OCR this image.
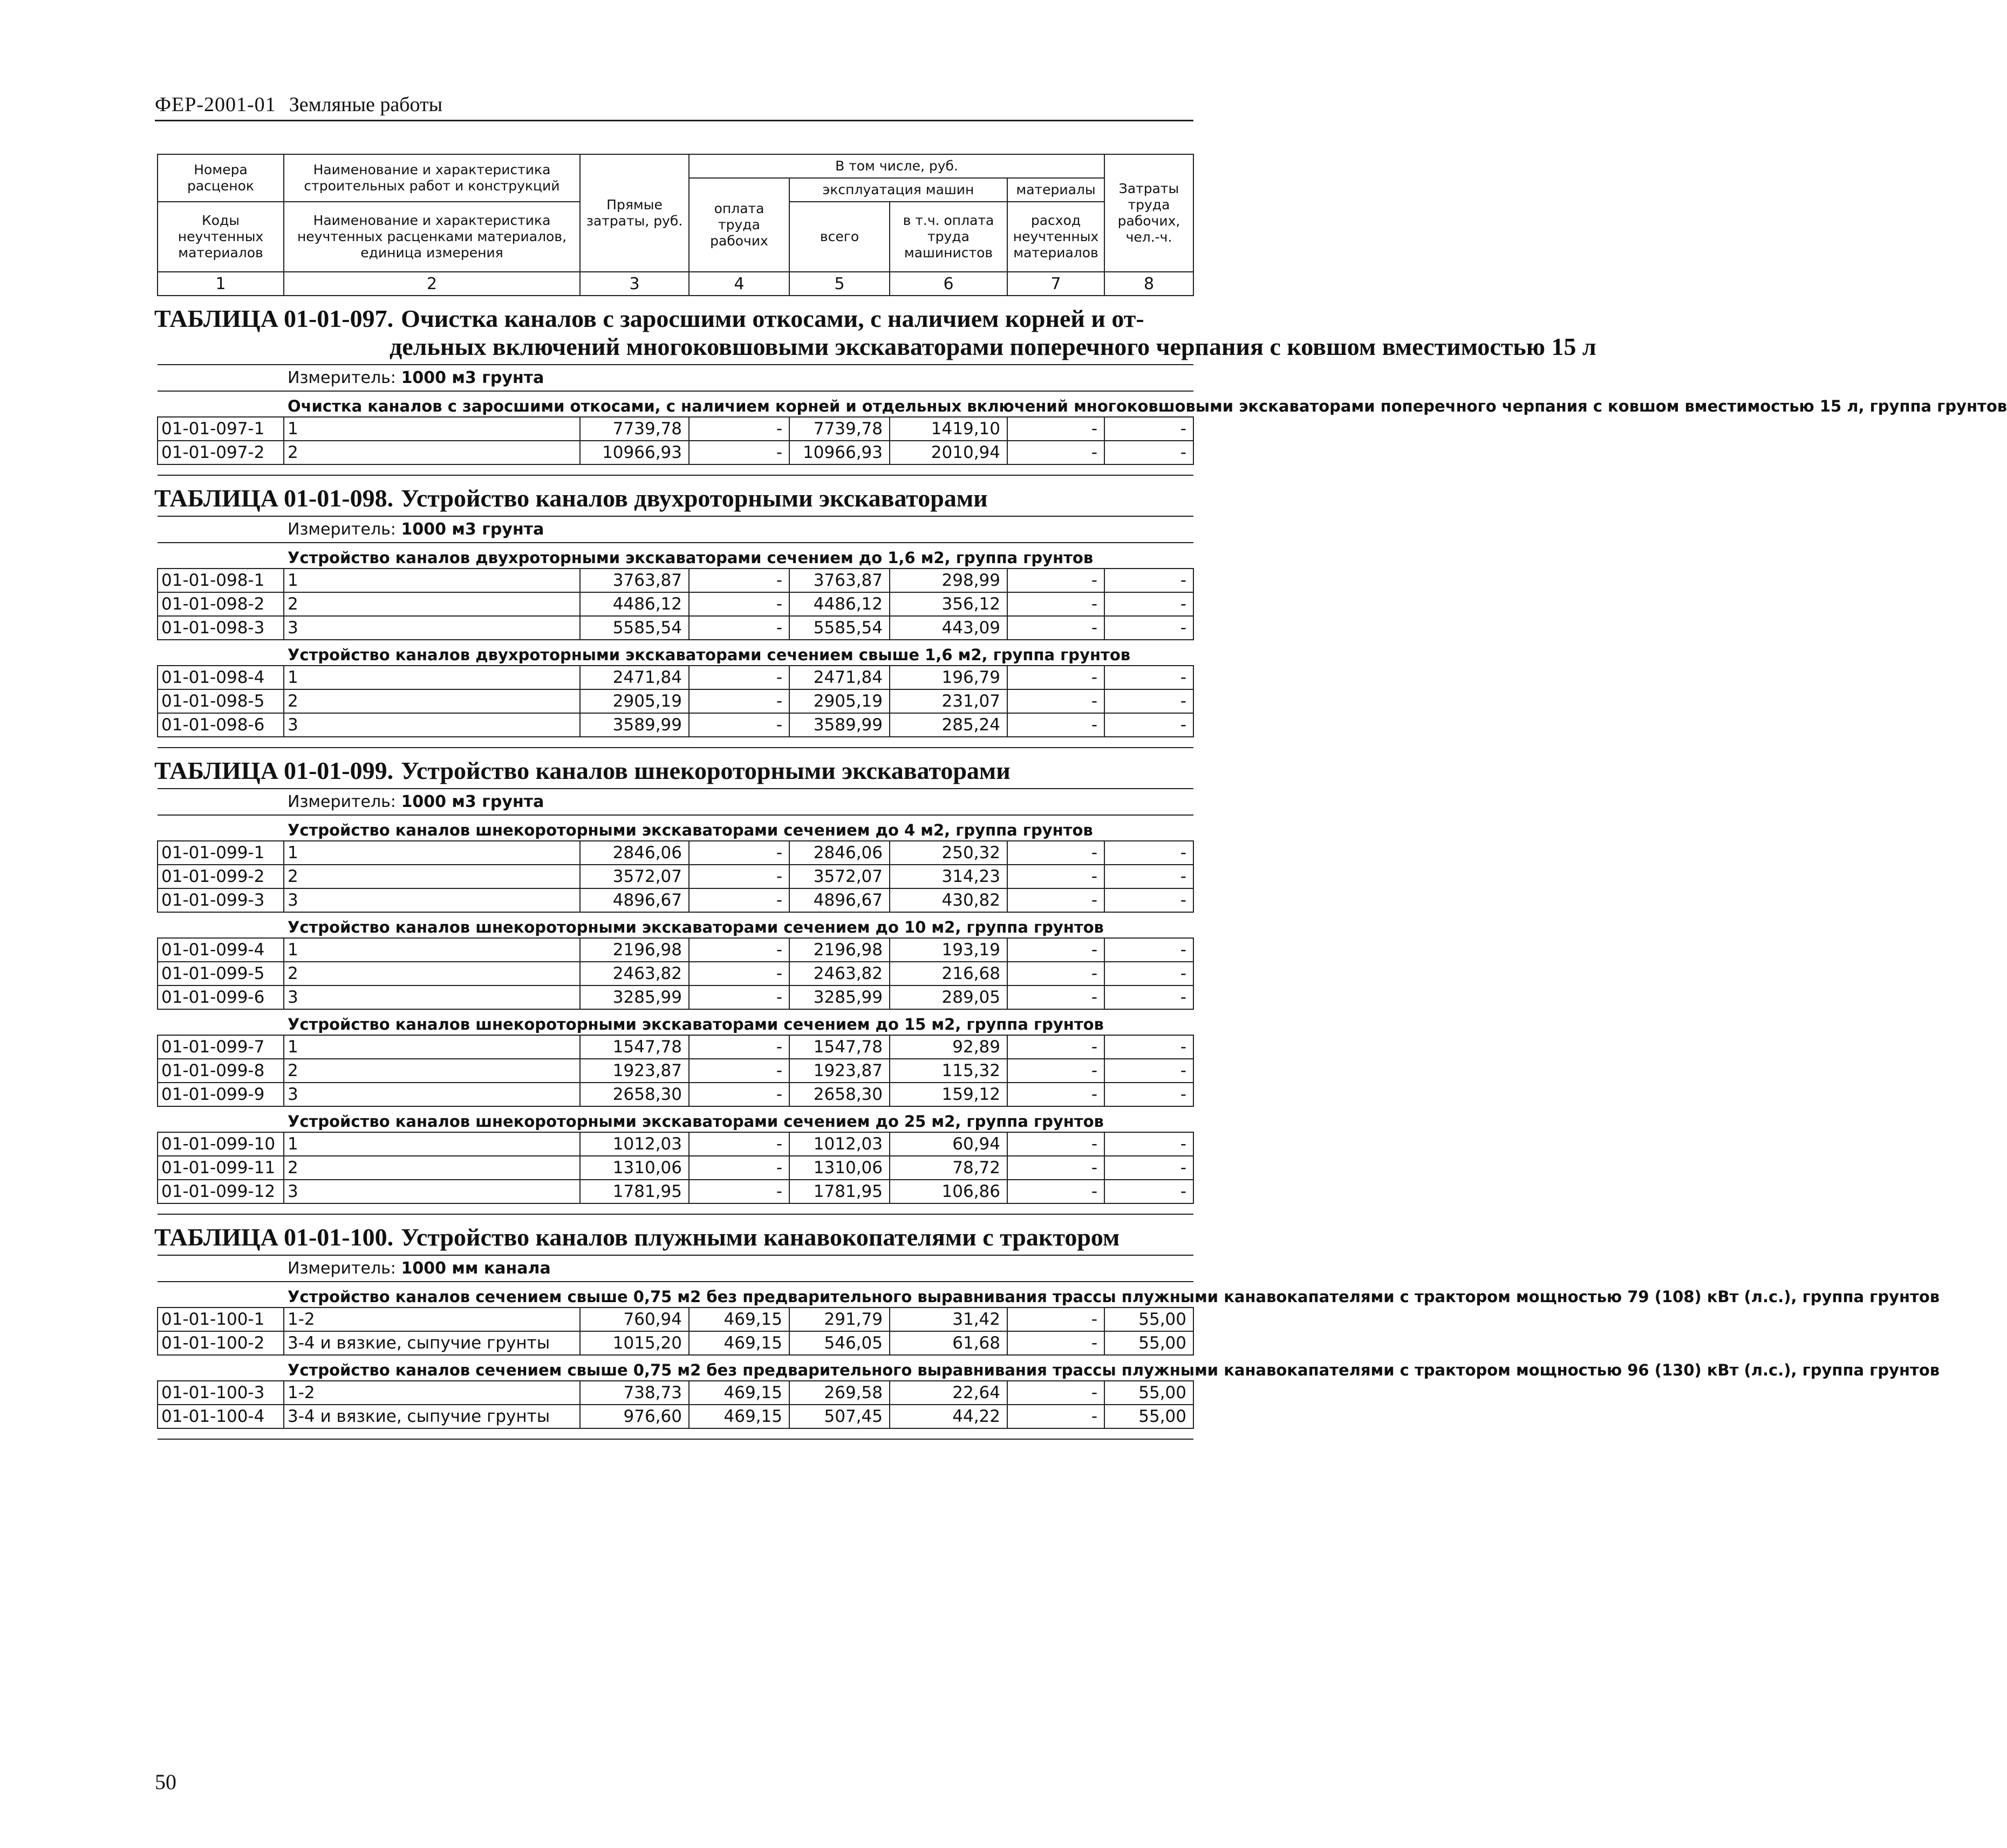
ФЕР-2001-01 Земляные работы
Номера расценок	Наименование и характеристика строительных работ и конструкций	Прямые затраты, руб.	В том числе, руб.				Затраты труда рабочих, чел.-ч.
			оплата труда рабочих	эксплуатация машин		материалы	
Коды неучтенных материалов	Наименование и характеристика неучтенных расценками материалов, единица измерения			всего	в т.ч. оплата труда машинистов	расход неучтенных материалов	

1	2	3	4	5	6	7	8

ТАБЛИЦА 01-01-097. Очистка каналов с заросшими откосами, с наличием корней и от-
дельных включений многоковшовыми экскаваторами поперечного черпания с ковшом вместимостью 15 л							

Измеритель: 1000 м3 грунта							
Очистка каналов с заросшими откосами, с наличием корней и отдельных включений многоковшовыми экскаваторами поперечного черпания с ковшом вместимостью 15 л, группа грунтов							
01-01-097-1	1	7739,78	-	7739,78	1419,10	-	-
01-01-097-2	2	10966,93	-	10966,93	2010,94	-	-

ТАБЛИЦА 01-01-098. Устройство каналов двухроторными экскаваторами							

Измеритель: 1000 м3 грунта							
Устройство каналов двухроторными экскаваторами сечением до 1,6 м2, группа грунтов							
01-01-098-1	1	3763,87	-	3763,87	298,99	-	-
01-01-098-2	2	4486,12	-	4486,12	356,12	-	-
01-01-098-3	3	5585,54	-	5585,54	443,09	-	-
Устройство каналов двухроторными экскаваторами сечением свыше 1,6 м2, группа грунтов							
01-01-098-4	1	2471,84	-	2471,84	196,79	-	-
01-01-098-5	2	2905,19	-	2905,19	231,07	-	-
01-01-098-6	3	3589,99	-	3589,99	285,24	-	-

ТАБЛИЦА 01-01-099. Устройство каналов шнекороторными экскаваторами							

Измеритель: 1000 м3 грунта							
Устройство каналов шнекороторными экскаваторами сечением до 4 м2, группа грунтов							
01-01-099-1	1	2846,06	-	2846,06	250,32	-	-
01-01-099-2	2	3572,07	-	3572,07	314,23	-	-
01-01-099-3	3	4896,67	-	4896,67	430,82	-	-
Устройство каналов шнекороторными экскаваторами сечением до 10 м2, группа грунтов							
01-01-099-4	1	2196,98	-	2196,98	193,19	-	-
01-01-099-5	2	2463,82	-	2463,82	216,68	-	-
01-01-099-6	3	3285,99	-	3285,99	289,05	-	-
Устройство каналов шнекороторными экскаваторами сечением до 15 м2, группа грунтов							
01-01-099-7	1	1547,78	-	1547,78	92,89	-	-
01-01-099-8	2	1923,87	-	1923,87	115,32	-	-
01-01-099-9	3	2658,30	-	2658,30	159,12	-	-
Устройство каналов шнекороторными экскаваторами сечением до 25 м2, группа грунтов							
01-01-099-10	1	1012,03	-	1012,03	60,94	-	-
01-01-099-11	2	1310,06	-	1310,06	78,72	-	-
01-01-099-12	3	1781,95	-	1781,95	106,86	-	-

ТАБЛИЦА 01-01-100. Устройство каналов плужными канавокопателями с трактором							

Измеритель: 1000 мм канала							
Устройство каналов сечением свыше 0,75 м2 без предварительного выравнивания трассы плужными канавокапателями с трактором мощностью 79 (108) кВт (л.с.), группа грунтов							
01-01-100-1	1-2	760,94	469,15	291,79	31,42	-	55,00
01-01-100-2	3-4 и вязкие, сыпучие грунты	1015,20	469,15	546,05	61,68	-	55,00
Устройство каналов сечением свыше 0,75 м2 без предварительного выравнивания трассы плужными канавокапателями с трактором мощностью 96 (130) кВт (л.с.), группа грунтов							
01-01-100-3	1-2	738,73	469,15	269,58	22,64	-	55,00
01-01-100-4	3-4 и вязкие, сыпучие грунты	976,60	469,15	507,45	44,22	-	55,00

50
